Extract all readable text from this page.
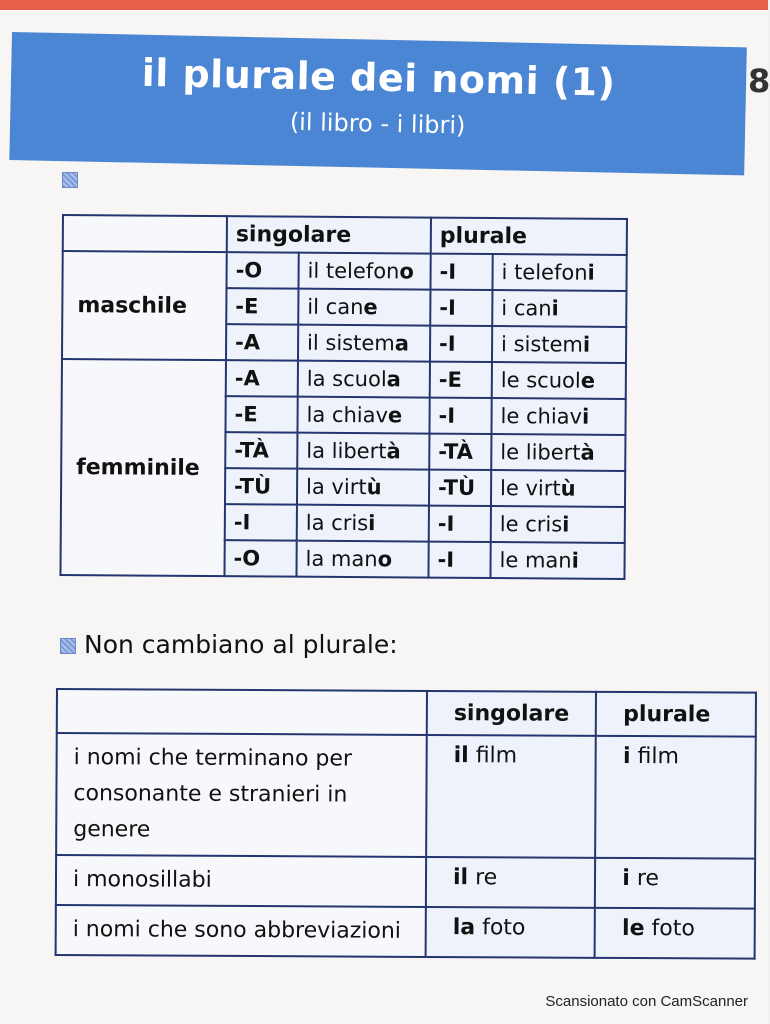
il plurale dei nomi (1)
(il libro - i libri)
8
	singolare		plurale	
maschile	-O	il telefono	-I	i telefoni
	-E	il cane	-I	i cani
	-A	il sistema	-I	i sistemi
femminile	-A	la scuola	-E	le scuole
	-E	la chiave	-I	le chiavi
	-TÀ	la libertà	-TÀ	le libertà
	-TÙ	la virtù	-TÙ	le virtù
	-I	la crisi	-I	le crisi
	-O	la mano	-I	le mani
Non cambiano al plurale:
	singolare	plurale
i nomi che terminano per consonante e stranieri in genere	il film	i film
i monosillabi	il re	i re
i nomi che sono abbreviazioni	la foto	le foto
Scansionato con CamScanner
